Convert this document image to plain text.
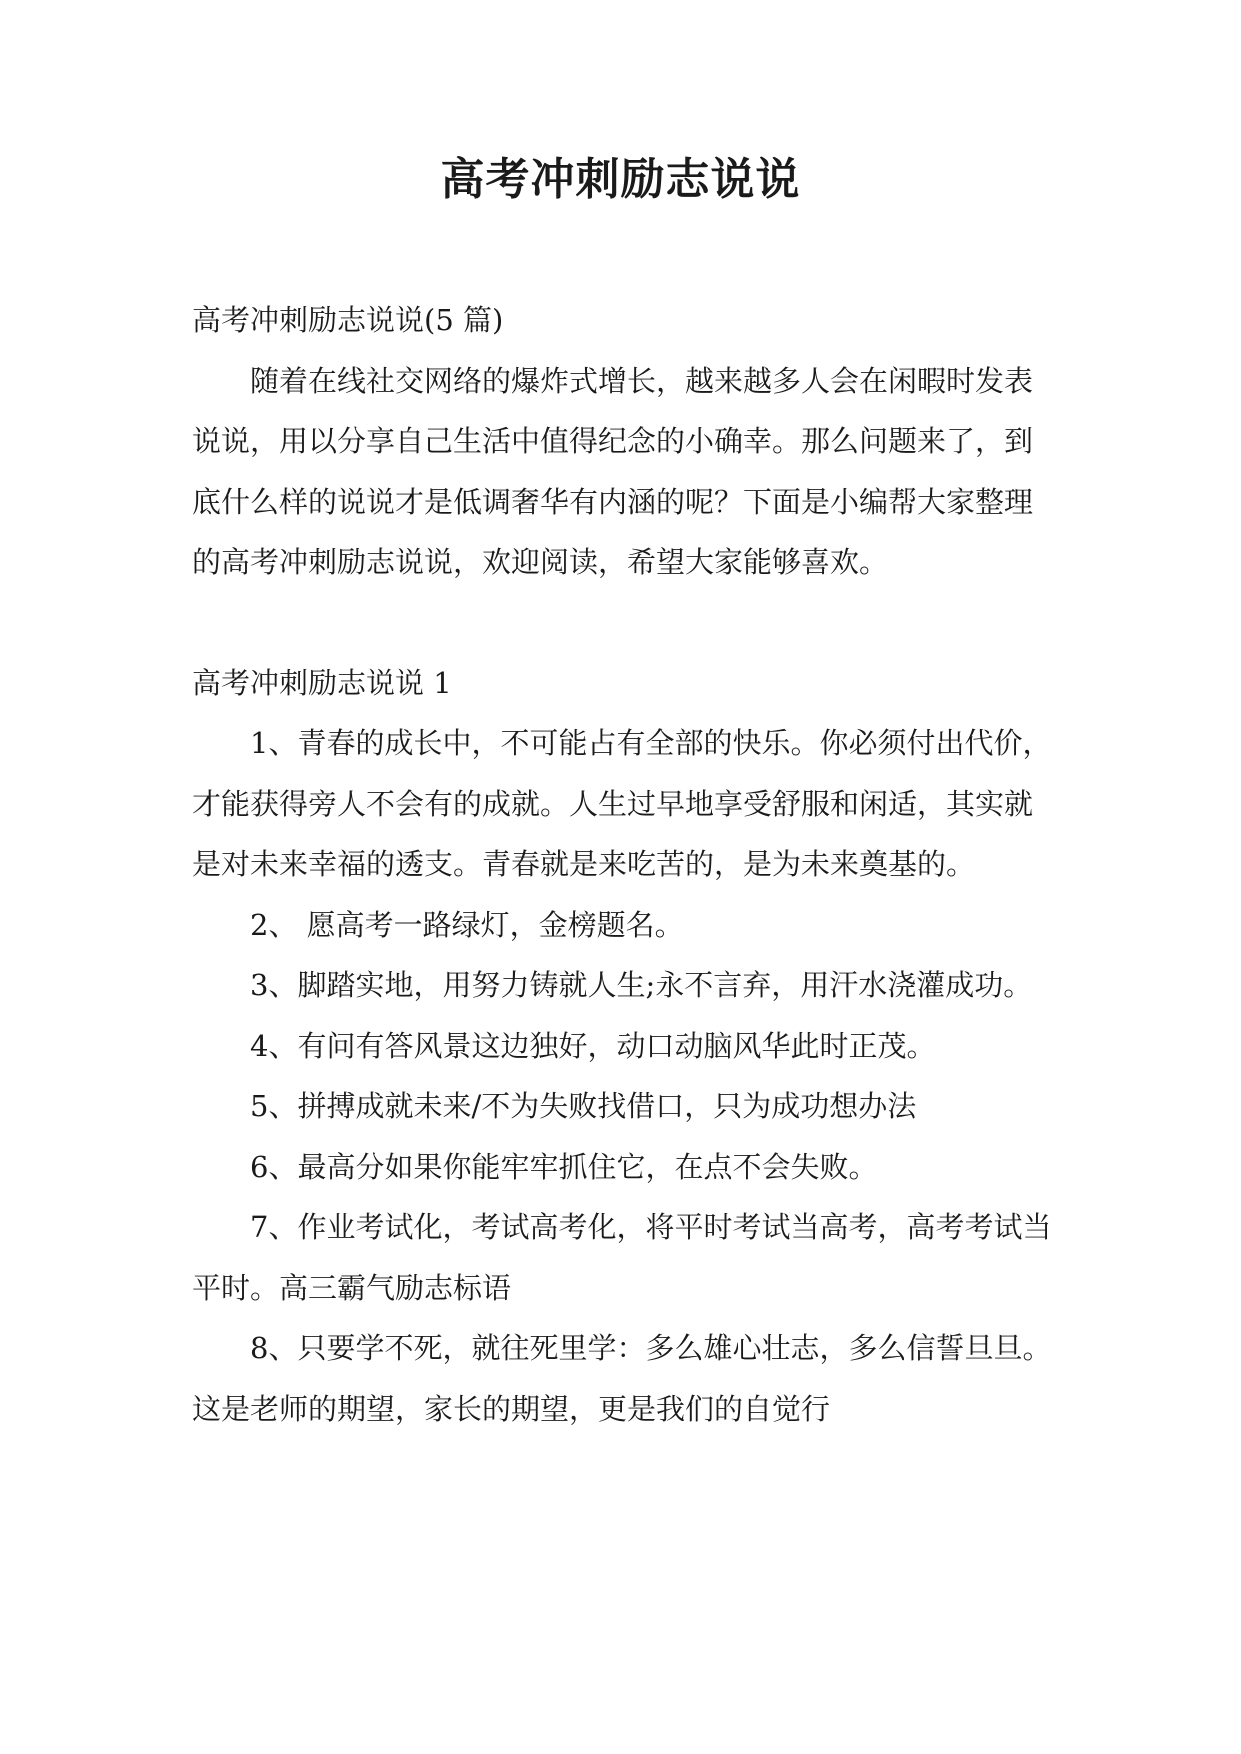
高考冲刺励志说说

高考冲刺励志说说(5 篇)

随着在线社交网络的爆炸式增长，越来越多人会在闲暇时发表说说，用以分享自己生活中值得纪念的小确幸。那么问题来了，到底什么样的说说才是低调奢华有内涵的呢？下面是小编帮大家整理的高考冲刺励志说说，欢迎阅读，希望大家能够喜欢。

高考冲刺励志说说 1

1、青春的成长中，不可能占有全部的快乐。你必须付出代价，才能获得旁人不会有的成就。人生过早地享受舒服和闲适，其实就是对未来幸福的透支。青春就是来吃苦的，是为未来奠基的。

2、 愿高考一路绿灯，金榜题名。

3、脚踏实地，用努力铸就人生;永不言弃，用汗水浇灌成功。

4、有问有答风景这边独好，动口动脑风华此时正茂。

5、拼搏成就未来/不为失败找借口，只为成功想办法

6、最高分如果你能牢牢抓住它，在点不会失败。

7、作业考试化，考试高考化，将平时考试当高考，高考考试当平时。高三霸气励志标语

8、只要学不死，就往死里学：多么雄心壮志，多么信誓旦旦。这是老师的期望，家长的期望，更是我们的自觉行
